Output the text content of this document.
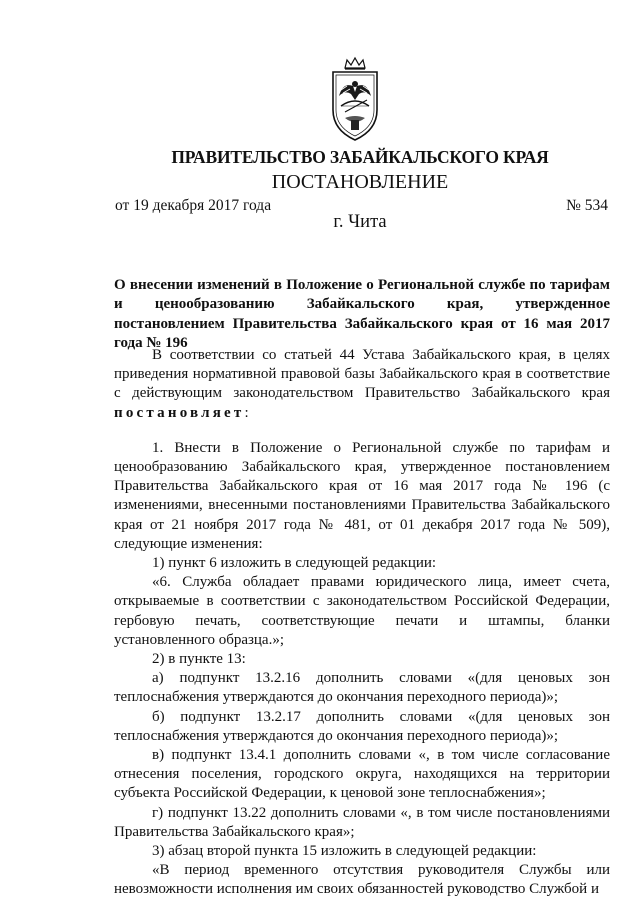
ПРАВИТЕЛЬСТВО ЗАБАЙКАЛЬСКОГО КРАЯ
ПОСТАНОВЛЕНИЕ
от 19 декабря 2017 года	№ 534
г. Чита
О внесении изменений в Положение о Региональной службе по тарифам и ценообразованию Забайкальского края, утвержденное постановлением Правительства Забайкальского края от 16 мая 2017 года № 196

В соответствии со статьей 44 Устава Забайкальского края, в целях приведения нормативной правовой базы Забайкальского края в соответствие с действующим законодательством Правительство Забайкальского края постановляет:

1. Внести в Положение о Региональной службе по тарифам и ценообразованию Забайкальского края, утвержденное постановлением Правительства Забайкальского края от 16 мая 2017 года № 196 (с изменениями, внесенными постановлениями Правительства Забайкальского края от 21 ноября 2017 года № 481, от 01 декабря 2017 года № 509), следующие изменения:

1) пункт 6 изложить в следующей редакции:

«6. Служба обладает правами юридического лица, имеет счета, открываемые в соответствии с законодательством Российской Федерации, гербовую печать, соответствующие печати и штампы, бланки установленного образца.»;

2) в пункте 13:

а) подпункт 13.2.16 дополнить словами «(для ценовых зон теплоснабжения утверждаются до окончания переходного периода)»;

б) подпункт 13.2.17 дополнить словами «(для ценовых зон теплоснабжения утверждаются до окончания переходного периода)»;

в) подпункт 13.4.1 дополнить словами «, в том числе согласование отнесения поселения, городского округа, находящихся на территории субъекта Российской Федерации, к ценовой зоне теплоснабжения»;

г) подпункт 13.22 дополнить словами «, в том числе постановлениями Правительства Забайкальского края»;

3) абзац второй пункта 15 изложить в следующей редакции:

«В период временного отсутствия руководителя Службы или невозможности исполнения им своих обязанностей руководство Службой и
